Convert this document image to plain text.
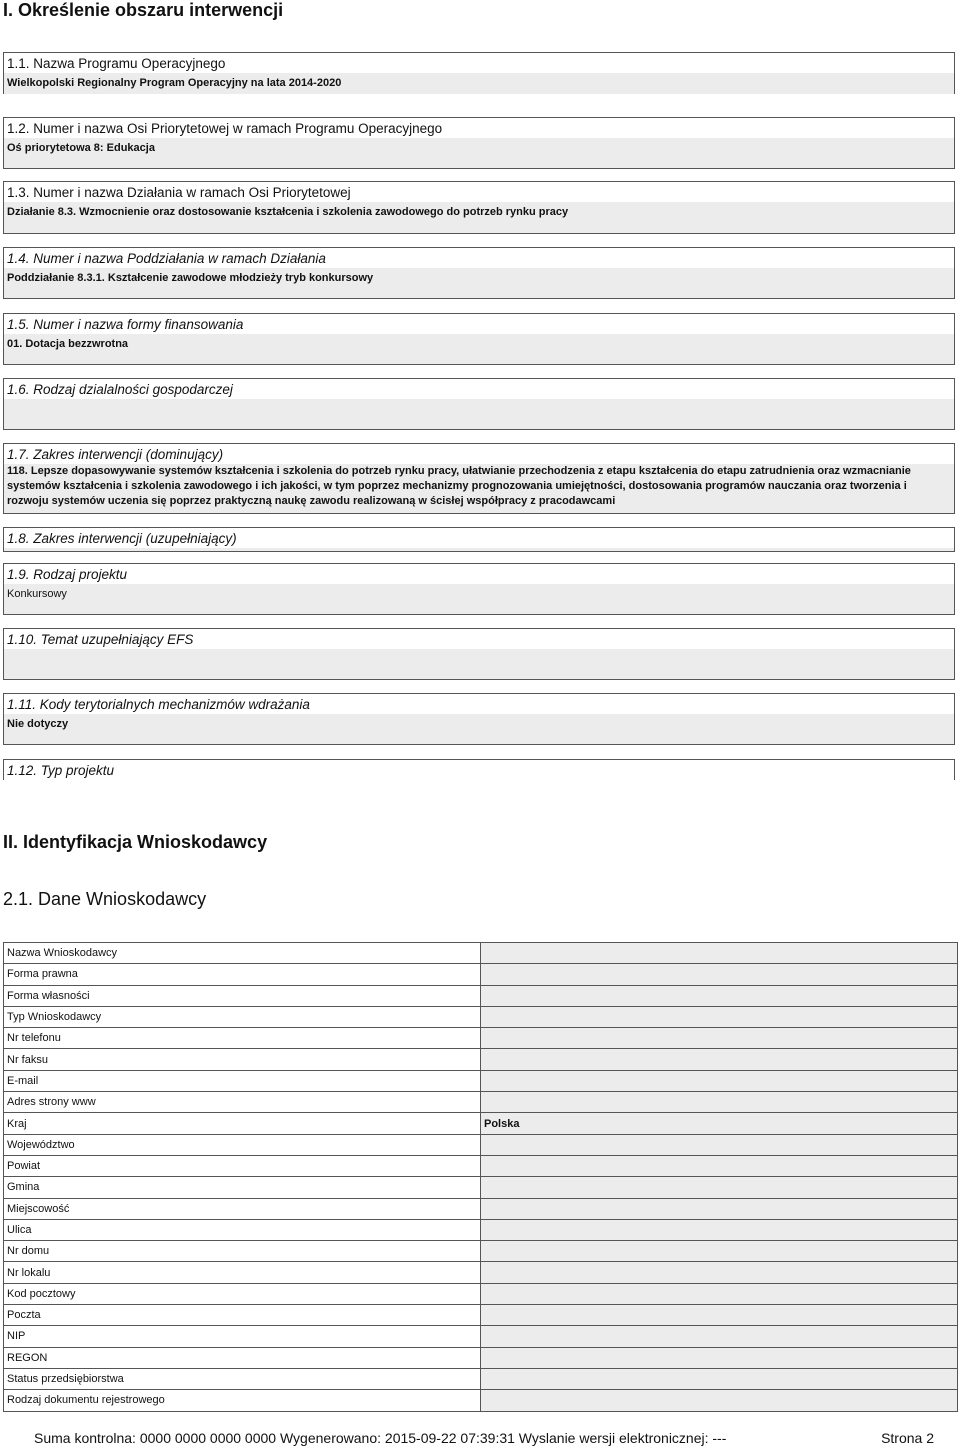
I. Określenie obszaru interwencji
1.1. Nazwa Programu Operacyjnego
Wielkopolski Regionalny Program Operacyjny na lata 2014-2020
1.2. Numer i nazwa Osi Priorytetowej w ramach Programu Operacyjnego
Oś priorytetowa 8: Edukacja
1.3. Numer i nazwa Działania w ramach Osi Priorytetowej
Działanie 8.3. Wzmocnienie oraz dostosowanie kształcenia i szkolenia zawodowego do potrzeb rynku pracy
1.4. Numer i nazwa Poddziałania w ramach Działania
Poddziałanie 8.3.1. Kształcenie zawodowe młodzieży tryb konkursowy
1.5. Numer i nazwa formy finansowania
01. Dotacja bezzwrotna
1.6. Rodzaj dzialalności gospodarczej
1.7. Zakres interwencji (dominujący)
118. Lepsze dopasowywanie systemów kształcenia i szkolenia do potrzeb rynku pracy, ułatwianie przechodzenia z etapu kształcenia do etapu zatrudnienia oraz wzmacnianie systemów kształcenia i szkolenia zawodowego i ich jakości, w tym poprzez mechanizmy prognozowania umiejętności, dostosowania programów nauczania oraz tworzenia i rozwoju systemów uczenia się poprzez praktyczną naukę zawodu realizowaną w ścisłej współpracy z pracodawcami
1.8. Zakres interwencji (uzupełniający)
1.9. Rodzaj projektu
Konkursowy
1.10. Temat uzupełniający EFS
1.11. Kody terytorialnych mechanizmów wdrażania
Nie dotyczy
1.12. Typ projektu
II. Identyfikacja Wnioskodawcy
2.1. Dane Wnioskodawcy
Nazwa Wnioskodawcy	
Forma prawna	
Forma własności	
Typ Wnioskodawcy	
Nr telefonu	
Nr faksu	
E-mail	
Adres strony www	
Kraj	Polska
Województwo	
Powiat	
Gmina	
Miejscowość	
Ulica	
Nr domu	
Nr lokalu	
Kod pocztowy	
Poczta	
NIP	
REGON	
Status przedsiębiorstwa	
Rodzaj dokumentu rejestrowego	
Suma kontrolna: 0000 0000 0000 0000 Wygenerowano: 2015-09-22 07:39:31 Wyslanie wersji elektronicznej: ---	Strona 2
